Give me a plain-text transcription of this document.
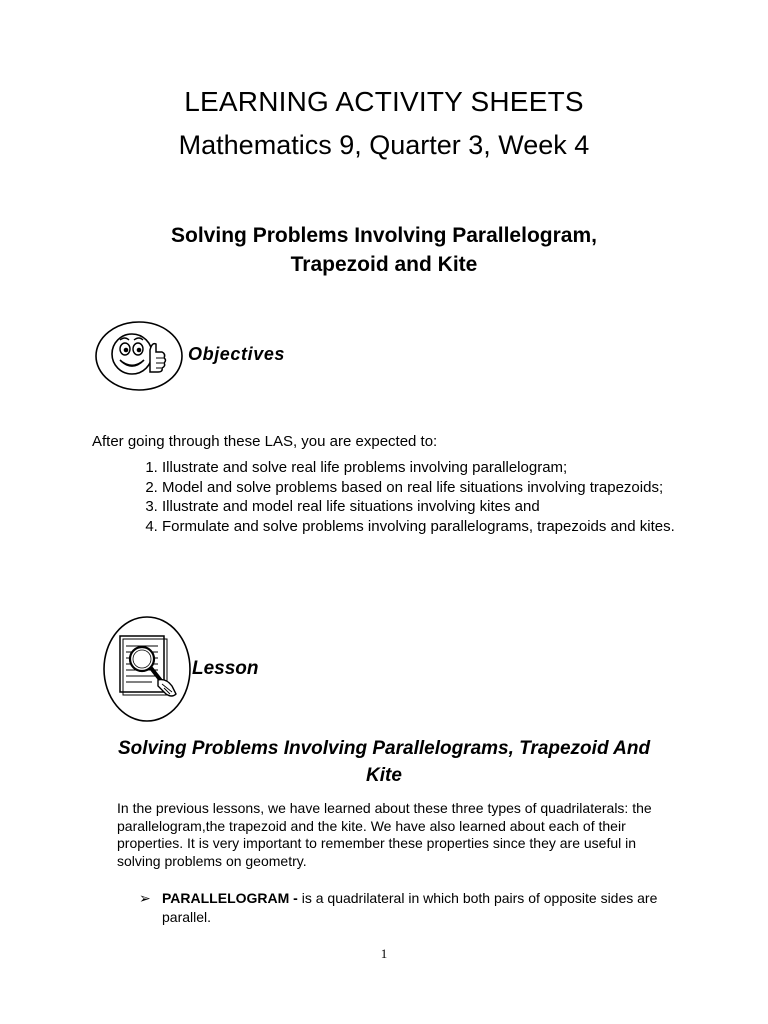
LEARNING ACTIVITY SHEETS
Mathematics 9, Quarter 3, Week 4
Solving Problems Involving Parallelogram,
Trapezoid and Kite
Objectives
After going through these LAS, you are expected to:
1. Illustrate and solve real life problems involving parallelogram;
2. Model and solve problems based on real life situations involving trapezoids;
3. Illustrate and model real life situations involving kites and
4. Formulate and solve problems involving parallelograms, trapezoids and kites.
Lesson
Solving Problems Involving Parallelograms, Trapezoid And
Kite
In the previous lessons, we have learned about these three types of quadrilaterals: the parallelogram,the trapezoid and the kite. We have also learned about each of their properties. It is very important to remember these properties since they are useful in solving problems on geometry.
➢ PARALLELOGRAM - is a quadrilateral in which both pairs of opposite sides are parallel.
1
